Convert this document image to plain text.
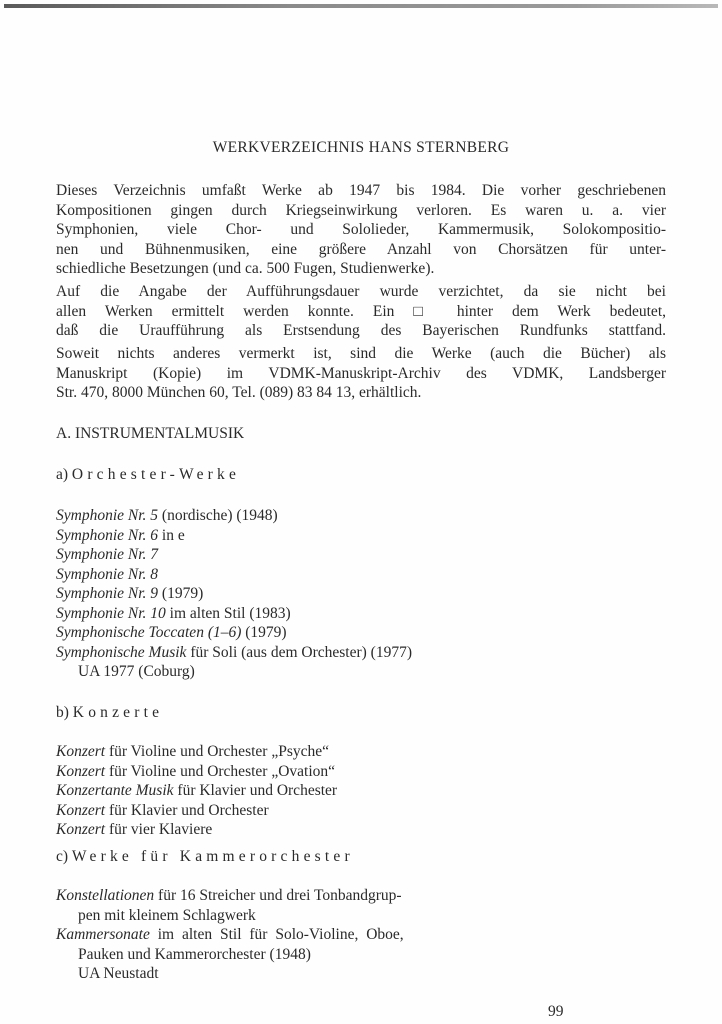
WERKVERZEICHNIS HANS STERNBERG
Dieses Verzeichnis umfaßt Werke ab 1947 bis 1984. Die vorher geschriebenen
Kompositionen gingen durch Kriegseinwirkung verloren. Es waren u. a. vier
Symphonien, viele Chor- und Sololieder, Kammermusik, Solokompositio-
nen und Bühnenmusiken, eine größere Anzahl von Chorsätzen für unter-
schiedliche Besetzungen (und ca. 500 Fugen, Studienwerke).
Auf die Angabe der Aufführungsdauer wurde verzichtet, da sie nicht bei
allen Werken ermittelt werden konnte. Ein □ hinter dem Werk bedeutet,
daß die Uraufführung als Erstsendung des Bayerischen Rundfunks stattfand.
Soweit nichts anderes vermerkt ist, sind die Werke (auch die Bücher) als
Manuskript (Kopie) im VDMK-Manuskript-Archiv des VDMK, Landsberger
Str. 470, 8000 München 60, Tel. (089) 83 84 13, erhältlich.
A. INSTRUMENTALMUSIK
a) Orchester-Werke
Symphonie Nr. 5 (nordische) (1948)
Symphonie Nr. 6 in e
Symphonie Nr. 7
Symphonie Nr. 8
Symphonie Nr. 9 (1979)
Symphonie Nr. 10 im alten Stil (1983)
Symphonische Toccaten (1–6) (1979)
Symphonische Musik für Soli (aus dem Orchester) (1977)
UA 1977 (Coburg)
b) Konzerte
Konzert für Violine und Orchester „Psyche“
Konzert für Violine und Orchester „Ovation“
Konzertante Musik für Klavier und Orchester
Konzert für Klavier und Orchester
Konzert für vier Klaviere
c) Werke für Kammerorchester
Konstellationen für 16 Streicher und drei Tonbandgrup-
pen mit kleinem Schlagwerk
Kammersonate im alten Stil für Solo-Violine, Oboe,
Pauken und Kammerorchester (1948)
UA Neustadt
99
